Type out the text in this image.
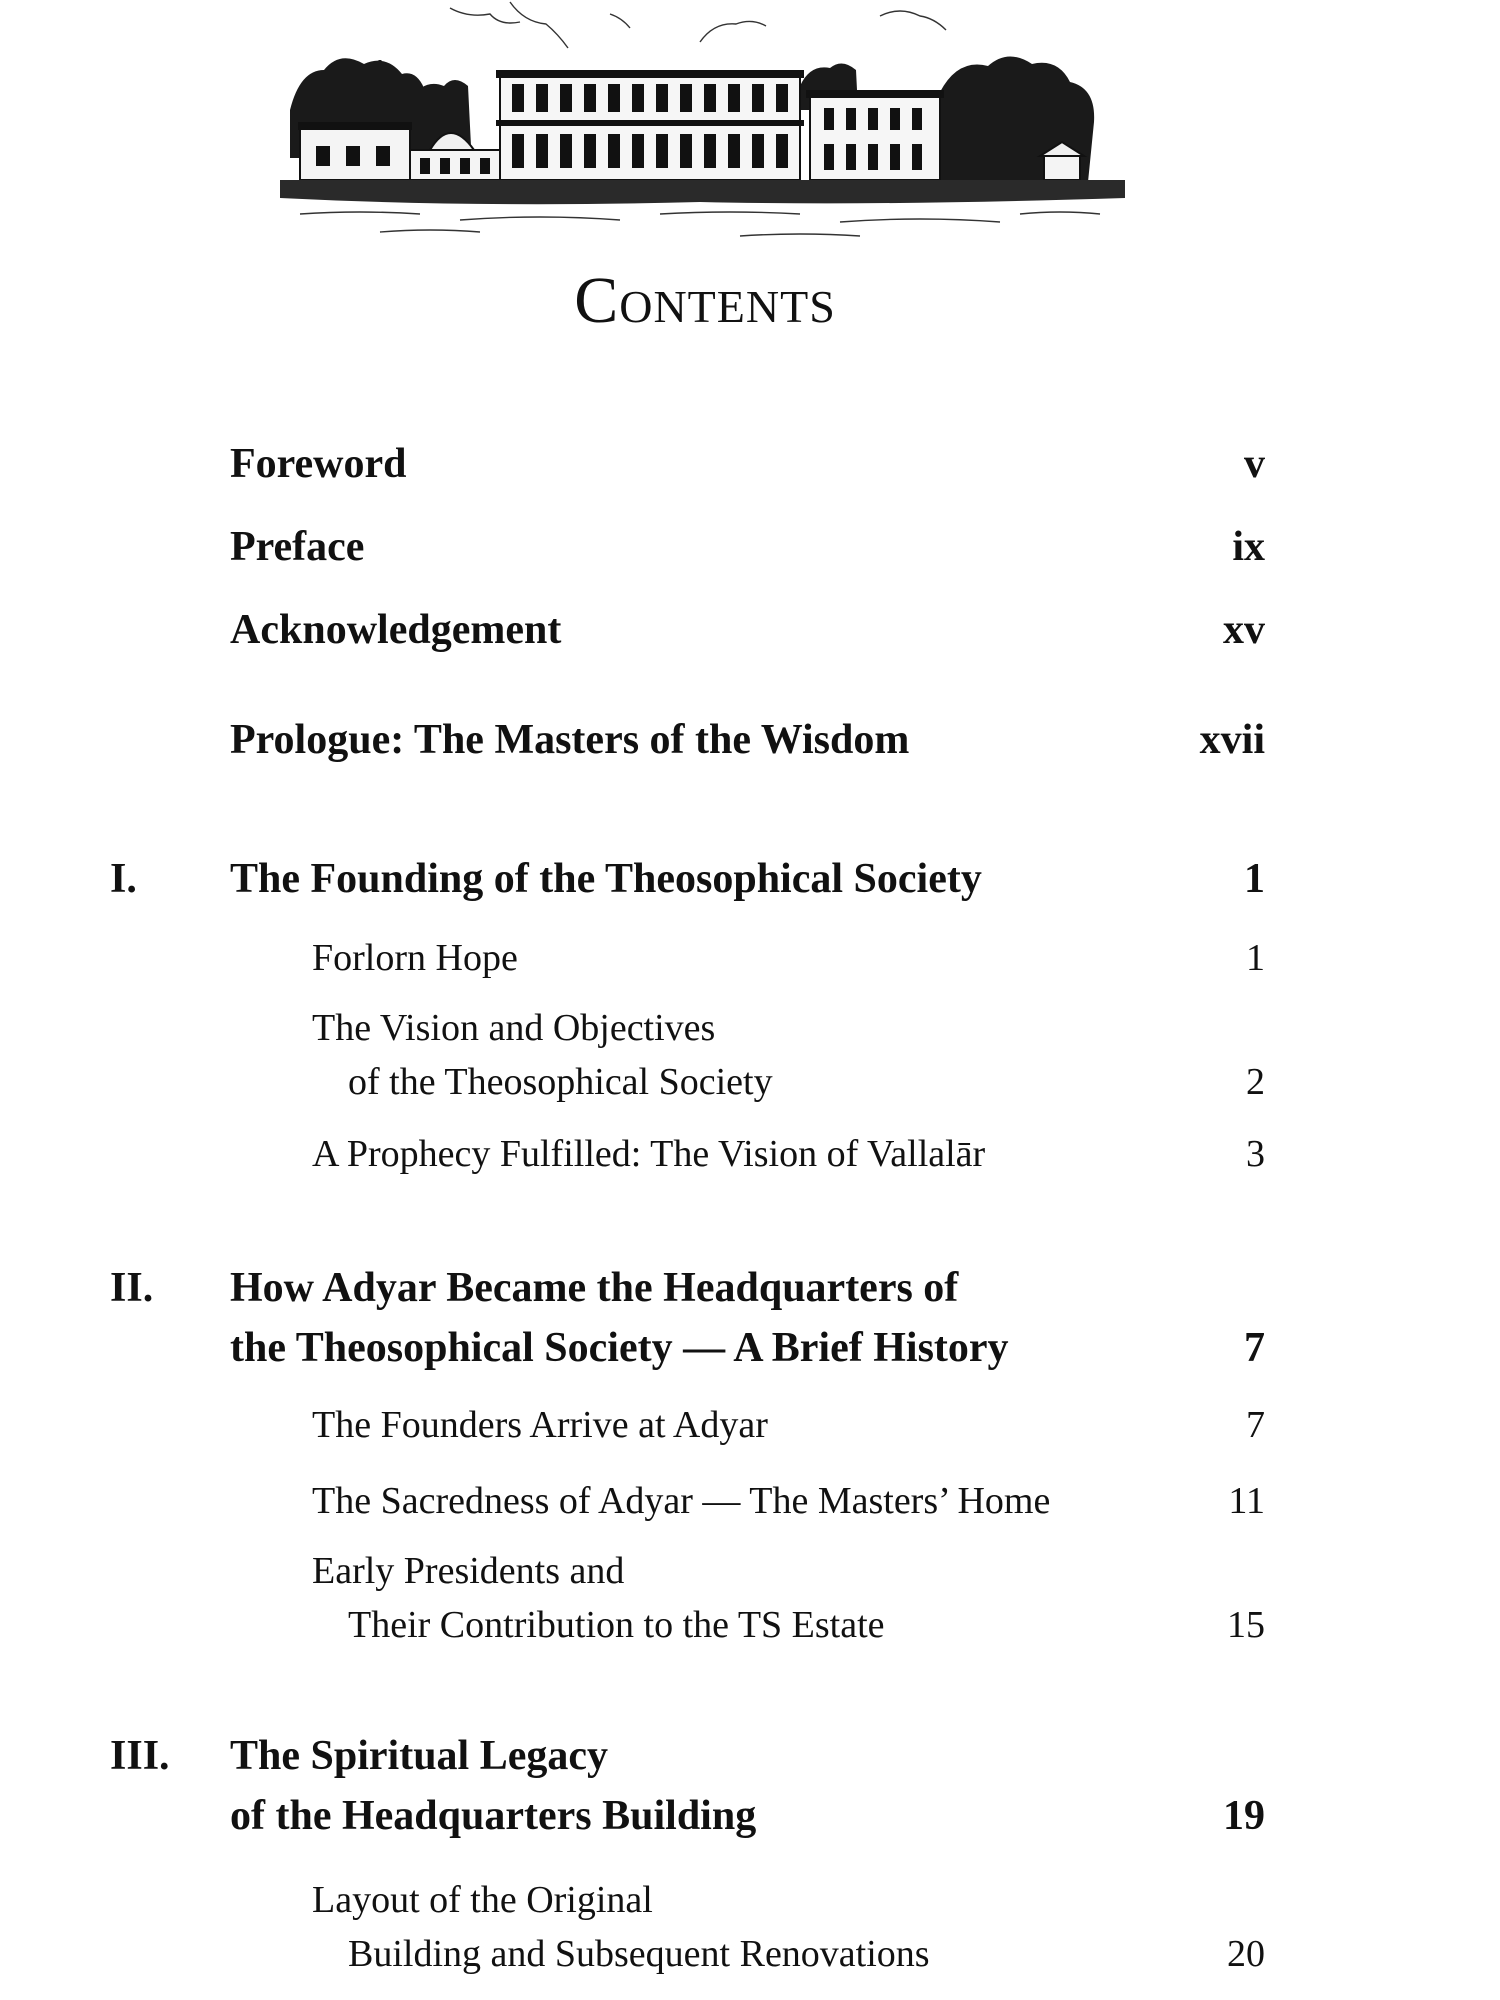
Contents
Foreword	v
Preface	ix
Acknowledgement	xv
Prologue: The Masters of the Wisdom	xvii
I. The Founding of the Theosophical Society	1
Forlorn Hope	1
The Vision and Objectives
of the Theosophical Society	2
A Prophecy Fulfilled: The Vision of Vallalār	3
II. How Adyar Became the Headquarters of
the Theosophical Society — A Brief History	7
The Founders Arrive at Adyar	7
The Sacredness of Adyar — The Masters’ Home	11
Early Presidents and
Their Contribution to the TS Estate	15
III. The Spiritual Legacy
of the Headquarters Building	19
Layout of the Original
Building and Subsequent Renovations	20
